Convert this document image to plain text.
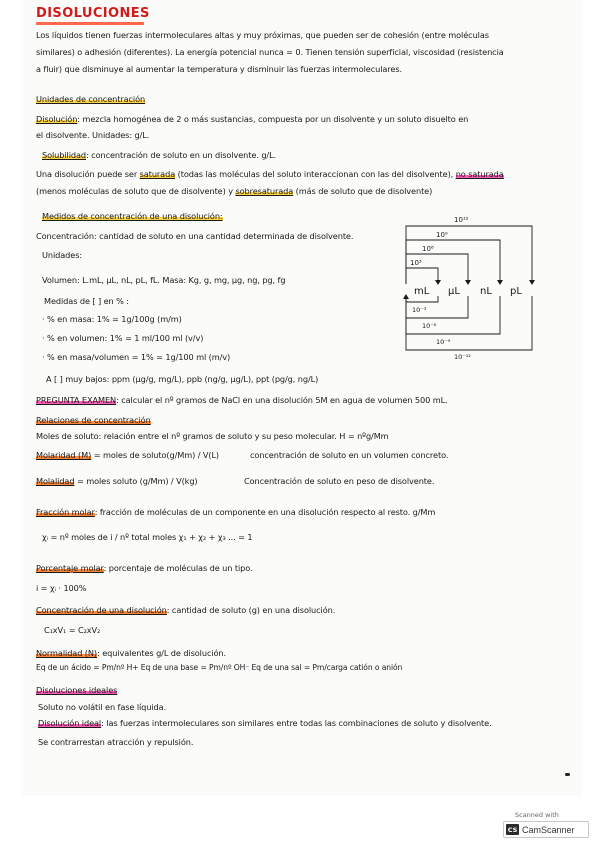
DISOLUCIONES
Los líquidos tienen fuerzas intermoleculares altas y muy próximas, que pueden ser de cohesión (entre moléculas
similares) o adhesión (diferentes). La energía potencial nunca = 0. Tienen tensión superficial, viscosidad (resistencia
a fluir) que disminuye al aumentar la temperatura y disminuir las fuerzas intermoleculares.
Unidades de concentración
Disolución: mezcla homogénea de 2 o más sustancias, compuesta por un disolvente y un soluto disuelto en
el disolvente. Unidades: g/L.
Solubilidad: concentración de soluto en un disolvente. g/L.
Una disolución puede ser saturada (todas las moléculas del soluto interaccionan con las del disolvente), no saturada
(menos moléculas de soluto que de disolvente) y sobresaturada (más de soluto que de disolvente)
Medidos de concentración de una disolución:
Concentración: cantidad de soluto en una cantidad determinada de disolvente.
Unidades:
Volumen: L.mL, µL, nL, pL, fL. Masa: Kg, g, mg, µg, ng, pg, fg
Medidas de [ ] en % :
· % en masa: 1% = 1g/100g (m/m)
· % en volumen: 1% = 1 ml/100 ml (v/v)
· % en masa/volumen = 1% = 1g/100 ml (m/v)
A [ ] muy bajos: ppm (µg/g, mg/L), ppb (ng/g, µg/L), ppt (pg/g, ng/L)
PREGUNTA EXAMEN: calcular el nº gramos de NaCl en una disolución 5M en agua de volumen 500 mL.
10¹²
10⁹
10⁶
10³
mL µL nL pL
10⁻³
10⁻⁶
10⁻⁹
10⁻¹²
Relaciones de concentración
Moles de soluto: relación entre el nº gramos de soluto y su peso molecular. H = nºg/Mm
Molaridad (M) = moles de soluto(g/Mm) / V(L)	concentración de soluto en un volumen concreto.
Molalidad = moles soluto (g/Mm) / V(kg)	Concentración de soluto en peso de disolvente.
Fracción molar: fracción de moléculas de un componente en una disolución respecto al resto. g/Mm
χᵢ = nº moles de i / nº total moles χ₁ + χ₂ + χ₃ ... = 1
Porcentaje molar: porcentaje de moléculas de un tipo.
i = χᵢ · 100%
Concentración de una disolución: cantidad de soluto (g) en una disolución.
C₁xV₁ = C₂xV₂
Normalidad (N): equivalentes g/L de disolución.
Eq de un ácido = Pm/nº H+ Eq de una base = Pm/nº OH⁻ Eq de una sal = Pm/carga catión o anión
Disoluciones ideales
Soluto no volátil en fase líquida.
Disolución ideal: las fuerzas intermoleculares son similares entre todas las combinaciones de soluto y disolvente.
Se contrarrestan atracción y repulsión.
Scanned with
CS CamScanner
